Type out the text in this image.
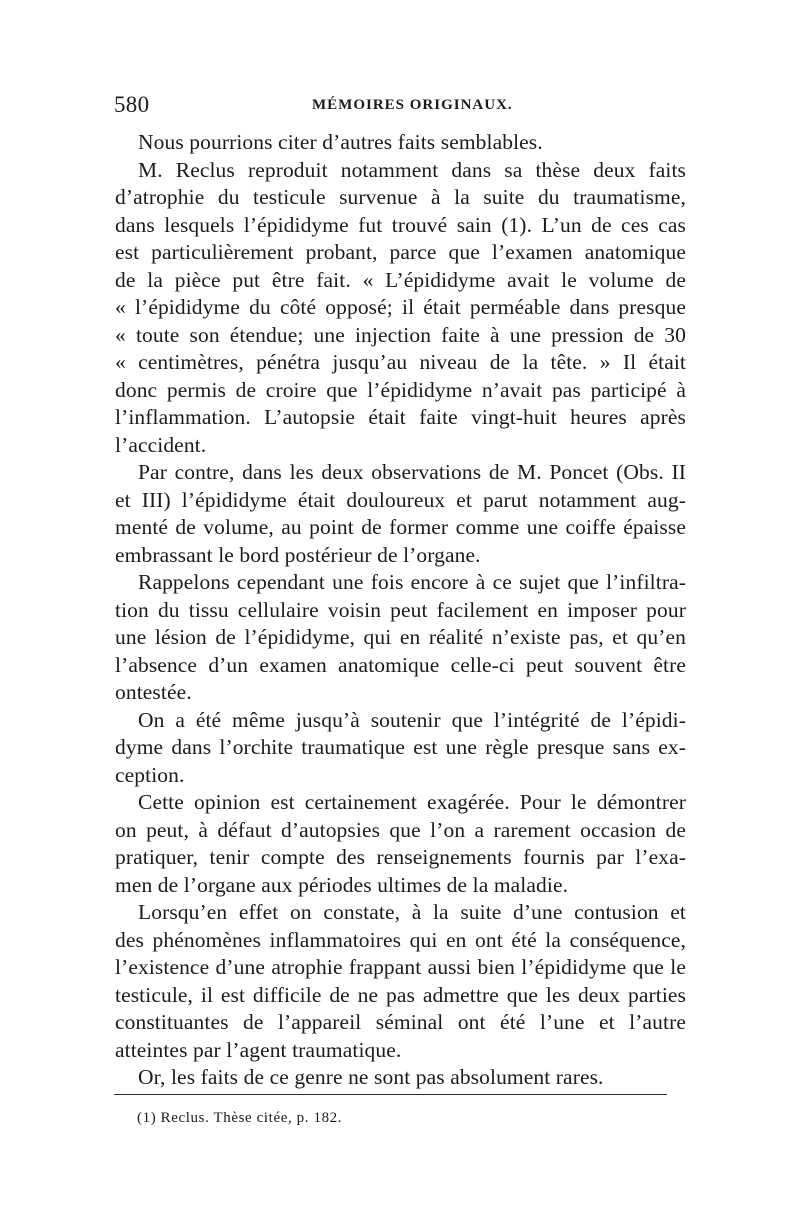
580	MÉMOIRES ORIGINAUX.
Nous pourrions citer d’autres faits semblables.
M. Reclus reproduit notamment dans sa thèse deux faits
d’atrophie du testicule survenue à la suite du traumatisme,
dans lesquels l’épididyme fut trouvé sain (1). L’un de ces cas
est particulièrement probant, parce que l’examen anatomique
de la pièce put être fait. « L’épididyme avait le volume de
« l’épididyme du côté opposé; il était perméable dans presque
« toute son étendue; une injection faite à une pression de 30
« centimètres, pénétra jusqu’au niveau de la tête. » Il était
donc permis de croire que l’épididyme n’avait pas participé à
l’inflammation. L’autopsie était faite vingt-huit heures après
l’accident.
Par contre, dans les deux observations de M. Poncet (Obs. II
et III) l’épididyme était douloureux et parut notamment aug-
menté de volume, au point de former comme une coiffe épaisse
embrassant le bord postérieur de l’organe.
Rappelons cependant une fois encore à ce sujet que l’infiltra-
tion du tissu cellulaire voisin peut facilement en imposer pour
une lésion de l’épididyme, qui en réalité n’existe pas, et qu’en
l’absence d’un examen anatomique celle-ci peut souvent être
ontestée.
On a été même jusqu’à soutenir que l’intégrité de l’épidi-
dyme dans l’orchite traumatique est une règle presque sans ex-
ception.
Cette opinion est certainement exagérée. Pour le démontrer
on peut, à défaut d’autopsies que l’on a rarement occasion de
pratiquer, tenir compte des renseignements fournis par l’exa-
men de l’organe aux périodes ultimes de la maladie.
Lorsqu’en effet on constate, à la suite d’une contusion et
des phénomènes inflammatoires qui en ont été la conséquence,
l’existence d’une atrophie frappant aussi bien l’épididyme que le
testicule, il est difficile de ne pas admettre que les deux parties
constituantes de l’appareil séminal ont été l’une et l’autre
atteintes par l’agent traumatique.
Or, les faits de ce genre ne sont pas absolument rares.
(1) Reclus. Thèse citée, p. 182.
